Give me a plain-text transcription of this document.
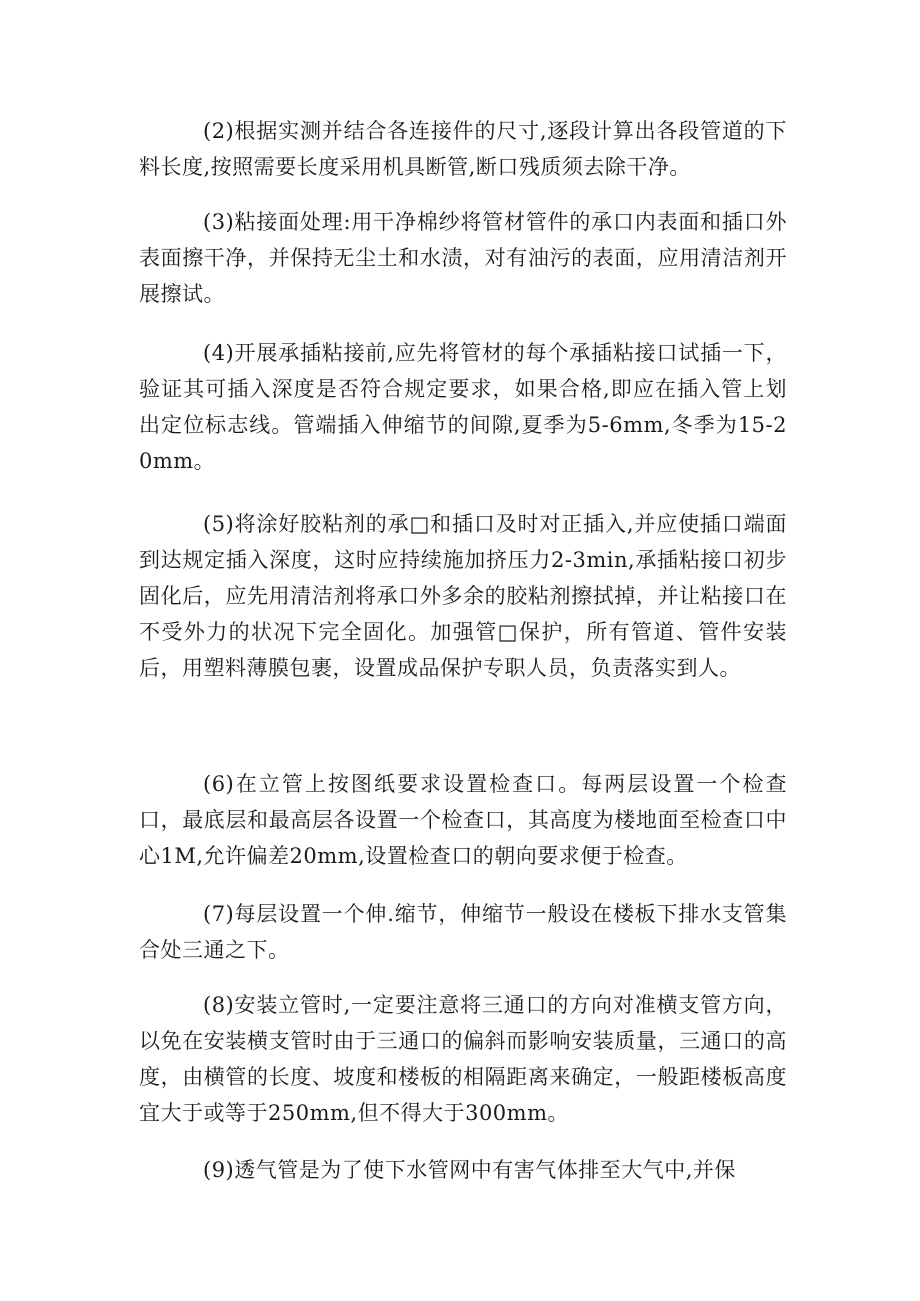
(2)根据实测并结合各连接件的尺寸,逐段计算出各段管道的下料长度,按照需要长度采用机具断管,断口残质须去除干净。

(3)粘接面处理:用干净棉纱将管材管件的承口内表面和插口外表面擦干净，并保持无尘土和水渍，对有油污的表面，应用清洁剂开展擦试。

(4)开展承插粘接前,应先将管材的每个承插粘接口试插一下，验证其可插入深度是否符合规定要求，如果合格,即应在插入管上划出定位标志线。管端插入伸缩节的间隙,夏季为5-6mm,冬季为15-20mm。

(5)将涂好胶粘剂的承□和插口及时对正插入,并应使插口端面到达规定插入深度，这时应持续施加挤压力2-3min,承插粘接口初步固化后，应先用清洁剂将承口外多余的胶粘剂擦拭掉，并让粘接口在不受外力的状况下完全固化。加强管□保护，所有管道、管件安装后，用塑料薄膜包裹，设置成品保护专职人员，负责落实到人。

(6)在立管上按图纸要求设置检查口。每两层设置一个检查口，最底层和最高层各设置一个检查口，其高度为楼地面至检查口中心1M,允许偏差20mm,设置检查口的朝向要求便于检查。

(7)每层设置一个伸.缩节，伸缩节一般设在楼板下排水支管集合处三通之下。

(8)安装立管时,一定要注意将三通口的方向对准横支管方向，以免在安装横支管时由于三通口的偏斜而影响安装质量，三通口的高度，由横管的长度、坡度和楼板的相隔距离来确定，一般距楼板高度宜大于或等于250mm,但不得大于300mm。

(9)透气管是为了使下水管网中有害气体排至大气中,并保
